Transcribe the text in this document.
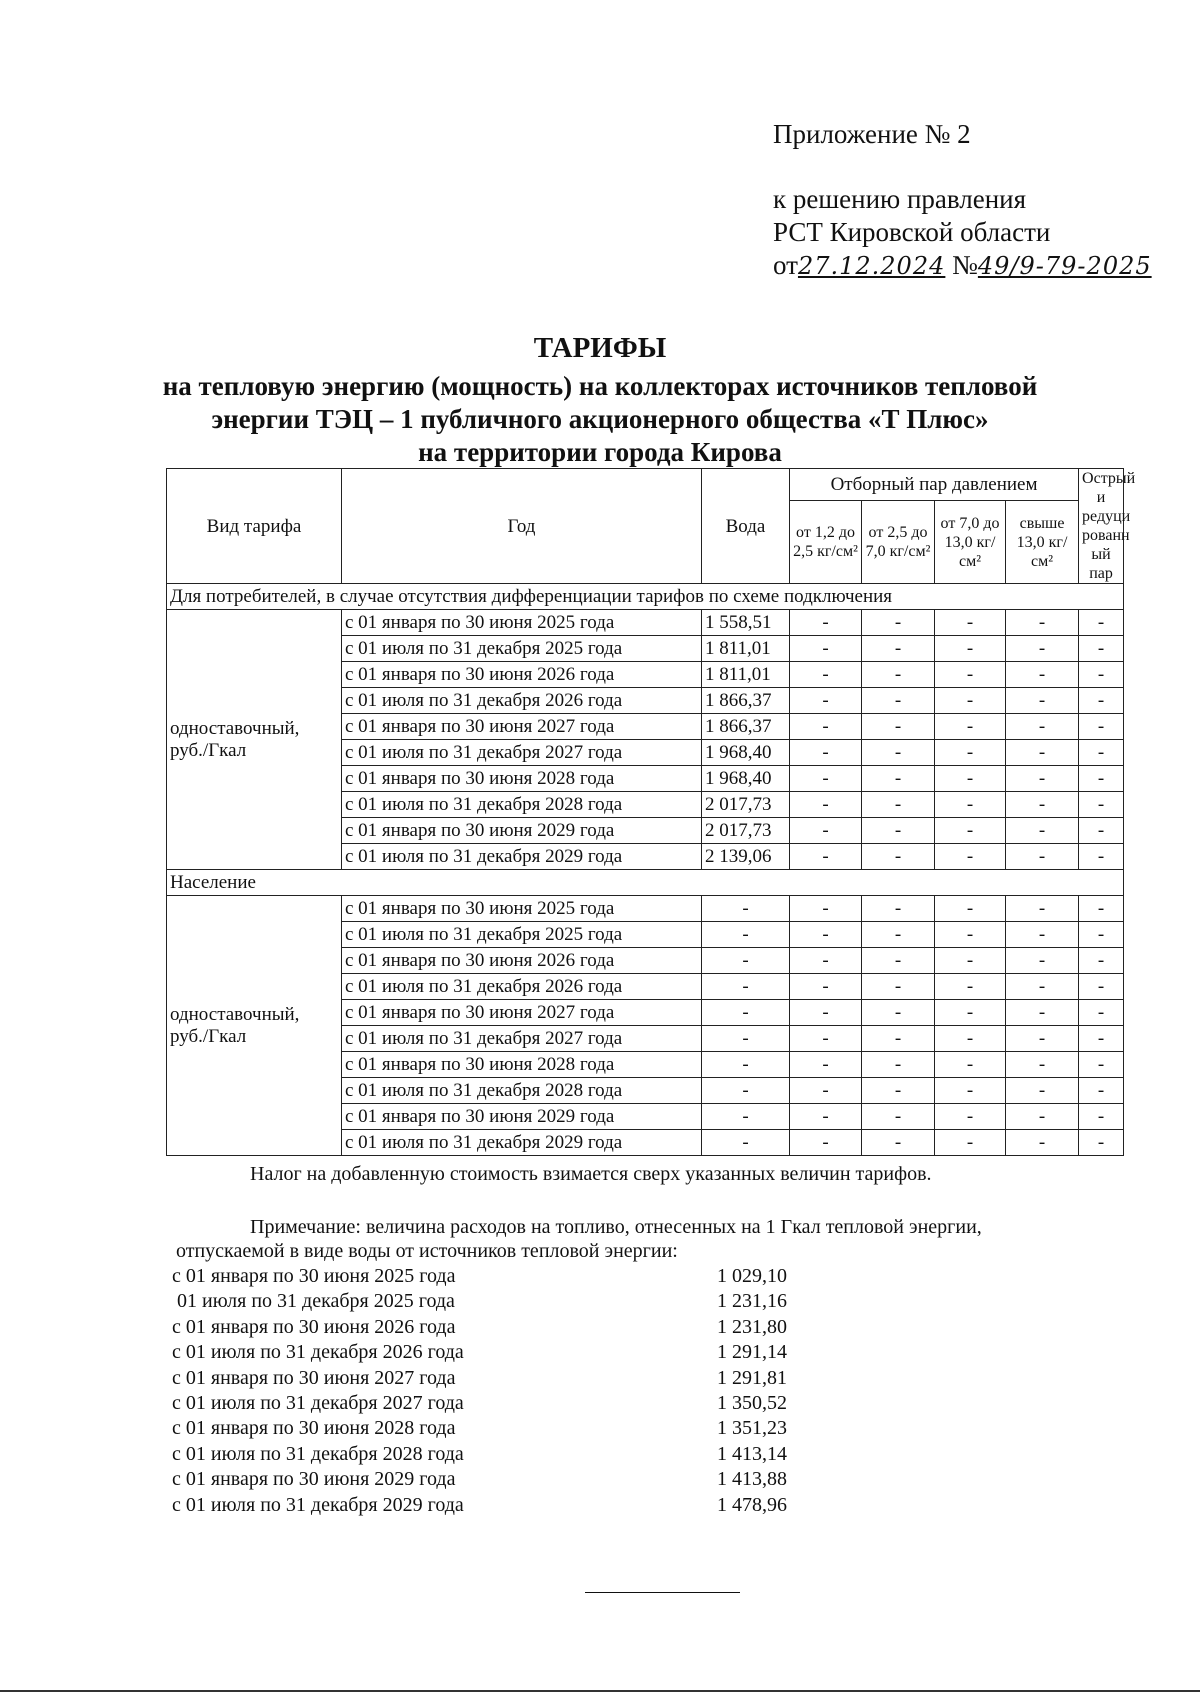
Приложение № 2
к решению правления
РСТ Кировской области
от27.12.2024 №49/9-79-2025
ТАРИФЫ
на тепловую энергию (мощность) на коллекторах источников тепловой
энергии ТЭЦ – 1 публичного акционерного общества «Т Плюс»
на территории города Кирова
Вид тарифа	Год	Вода	Отборный пар давлением				Острый и редуци рованн ый пар
			от 1,2 до 2,5 кг/см²	от 2,5 до 7,0 кг/см²	от 7,0 до 13,0 кг/см²	свыше 13,0 кг/см²	
Для потребителей, в случае отсутствия дифференциации тарифов по схеме подключения							
одноставочный, руб./Гкал	с 01 января по 30 июня 2025 года	1 558,51	-	-	-	-	-
	с 01 июля по 31 декабря 2025 года	1 811,01	-	-	-	-	-
	с 01 января по 30 июня 2026 года	1 811,01	-	-	-	-	-
	с 01 июля по 31 декабря 2026 года	1 866,37	-	-	-	-	-
	с 01 января по 30 июня 2027 года	1 866,37	-	-	-	-	-
	с 01 июля по 31 декабря 2027 года	1 968,40	-	-	-	-	-
	с 01 января по 30 июня 2028 года	1 968,40	-	-	-	-	-
	с 01 июля по 31 декабря 2028 года	2 017,73	-	-	-	-	-
	с 01 января по 30 июня 2029 года	2 017,73	-	-	-	-	-
	с 01 июля по 31 декабря 2029 года	2 139,06	-	-	-	-	-
Население							
одноставочный, руб./Гкал	с 01 января по 30 июня 2025 года	-	-	-	-	-	-
	с 01 июля по 31 декабря 2025 года	-	-	-	-	-	-
	с 01 января по 30 июня 2026 года	-	-	-	-	-	-
	с 01 июля по 31 декабря 2026 года	-	-	-	-	-	-
	с 01 января по 30 июня 2027 года	-	-	-	-	-	-
	с 01 июля по 31 декабря 2027 года	-	-	-	-	-	-
	с 01 января по 30 июня 2028 года	-	-	-	-	-	-
	с 01 июля по 31 декабря 2028 года	-	-	-	-	-	-
	с 01 января по 30 июня 2029 года	-	-	-	-	-	-
	с 01 июля по 31 декабря 2029 года	-	-	-	-	-	-
Налог на добавленную стоимость взимается сверх указанных величин тарифов.
Примечание: величина расходов на топливо, отнесенных на 1 Гкал тепловой энергии,
отпускаемой в виде воды от источников тепловой энергии:
с 01 января по 30 июня 2025 года	1 029,10
01 июля по 31 декабря 2025 года	1 231,16
с 01 января по 30 июня 2026 года	1 231,80
с 01 июля по 31 декабря 2026 года	1 291,14
с 01 января по 30 июня 2027 года	1 291,81
с 01 июля по 31 декабря 2027 года	1 350,52
с 01 января по 30 июня 2028 года	1 351,23
с 01 июля по 31 декабря 2028 года	1 413,14
с 01 января по 30 июня 2029 года	1 413,88
с 01 июля по 31 декабря 2029 года	1 478,96
